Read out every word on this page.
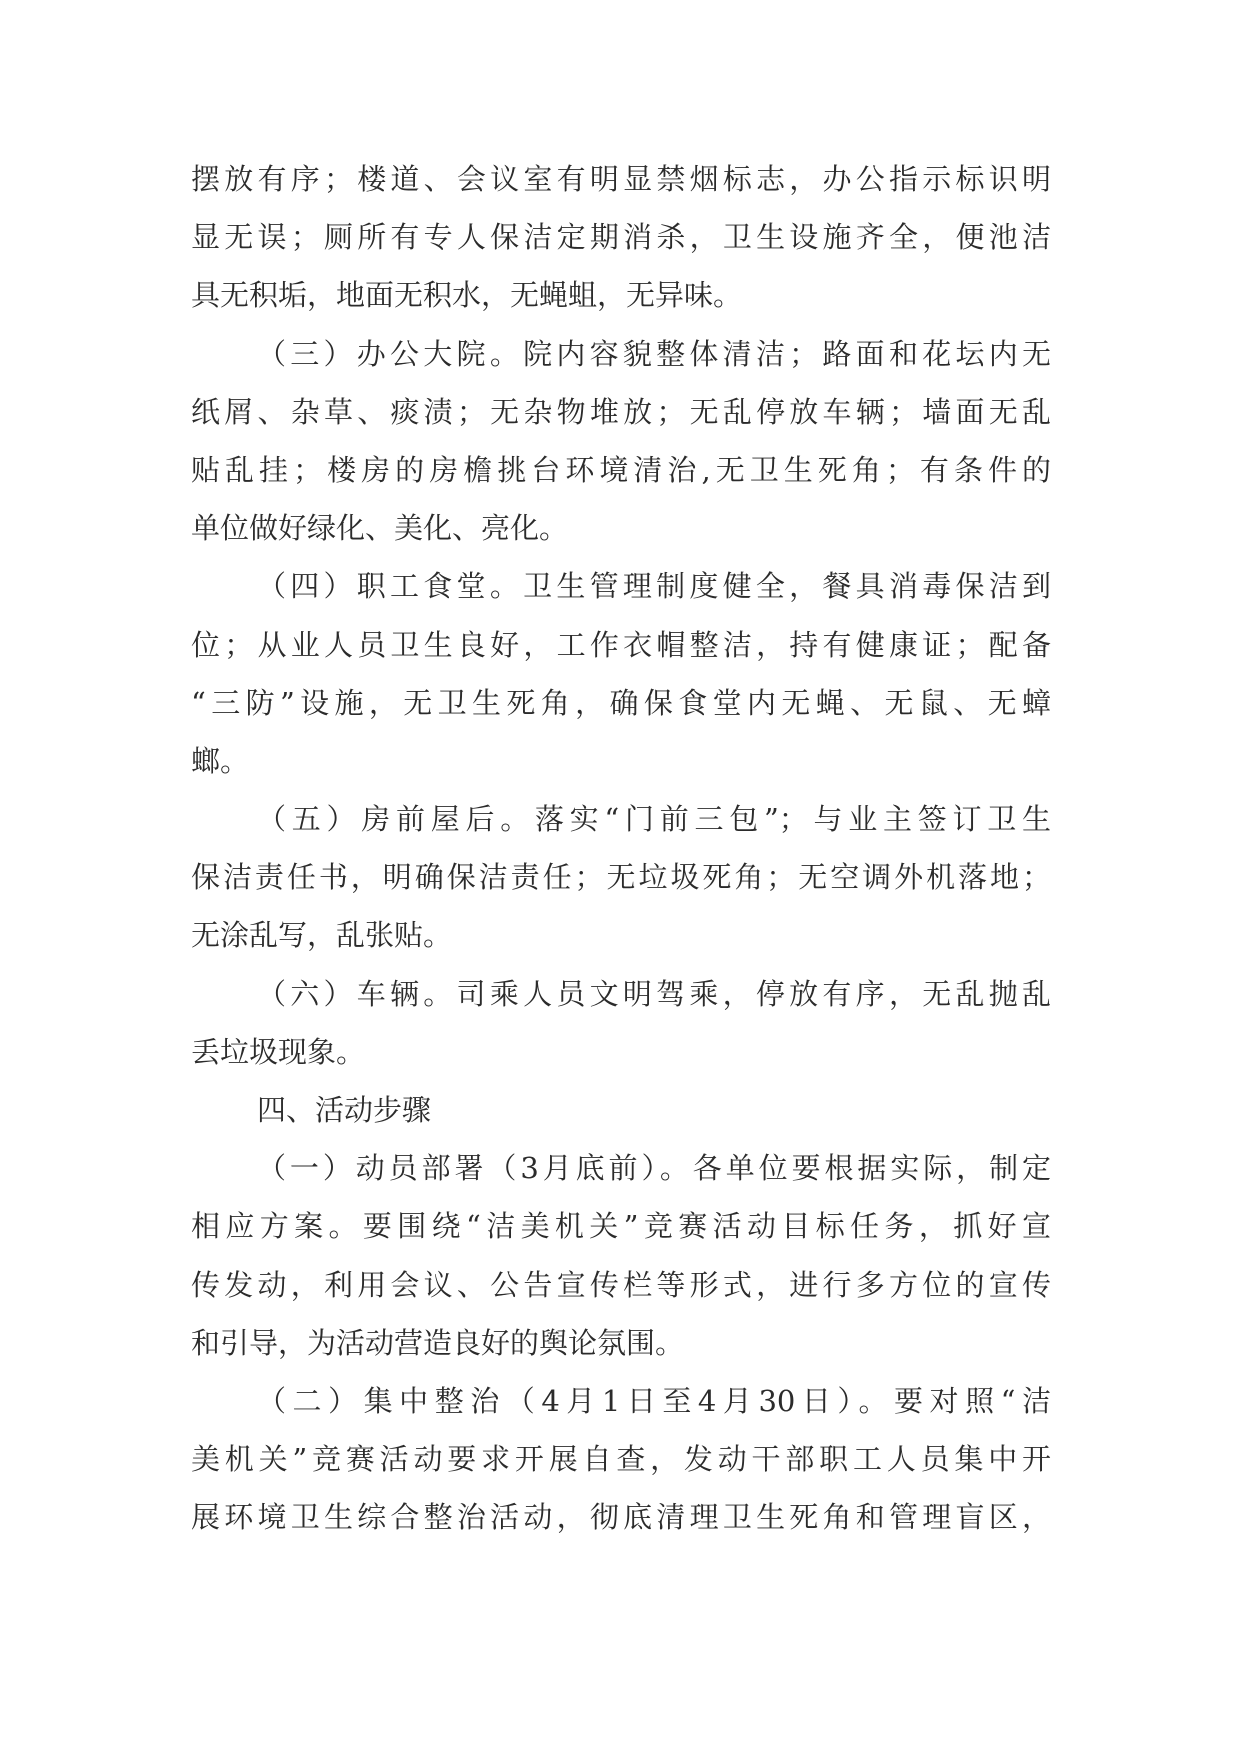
摆放有序；楼道、会议室有明显禁烟标志，办公指示标识明
显无误；厕所有专人保洁定期消杀，卫生设施齐全，便池洁
具无积垢，地面无积水，无蝇蛆，无异味。
（三）办公大院。院内容貌整体清洁；路面和花坛内无
纸屑、杂草、痰渍；无杂物堆放；无乱停放车辆；墙面无乱
贴乱挂；楼房的房檐挑台环境清治,无卫生死角；有条件的
单位做好绿化、美化、亮化。
（四）职工食堂。卫生管理制度健全，餐具消毒保洁到
位；从业人员卫生良好，工作衣帽整洁，持有健康证；配备
“三防”设施，无卫生死角，确保食堂内无蝇、无鼠、无蟑
螂。
（五）房前屋后。落实“门前三包”；与业主签订卫生
保洁责任书，明确保洁责任；无垃圾死角；无空调外机落地；
无涂乱写，乱张贴。
（六）车辆。司乘人员文明驾乘，停放有序，无乱抛乱
丢垃圾现象。
四、活动步骤
（一）动员部署（3月底前）。各单位要根据实际，制定
相应方案。要围绕“洁美机关”竞赛活动目标任务，抓好宣
传发动，利用会议、公告宣传栏等形式，进行多方位的宣传
和引导，为活动营造良好的舆论氛围。
（二）集中整治（4月1日至4月30日）。要对照“洁
美机关”竞赛活动要求开展自查，发动干部职工人员集中开
展环境卫生综合整治活动，彻底清理卫生死角和管理盲区，
